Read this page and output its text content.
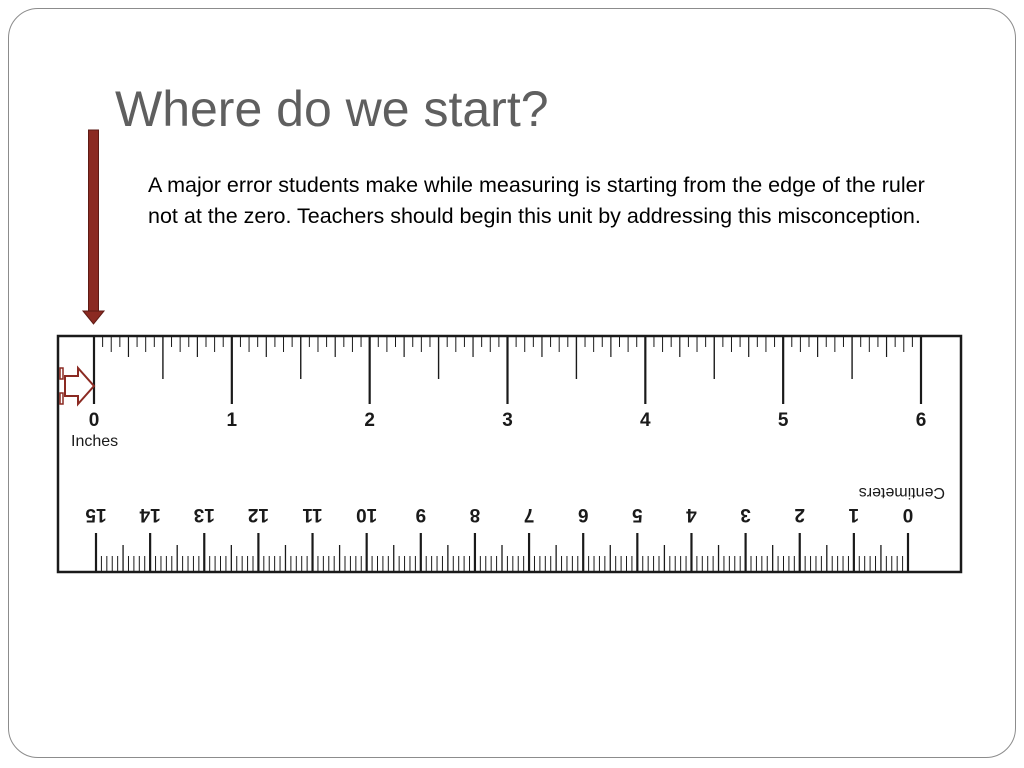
Where do we start?

A major error students make while measuring is starting from the edge of the ruler not at the zero. Teachers should begin this unit by addressing this misconception.

0	1	2	3	4	5	6
0
1
2
3
4
5
6
7
8
9
10
11
12
13
14
15
Inches
Centimeters
